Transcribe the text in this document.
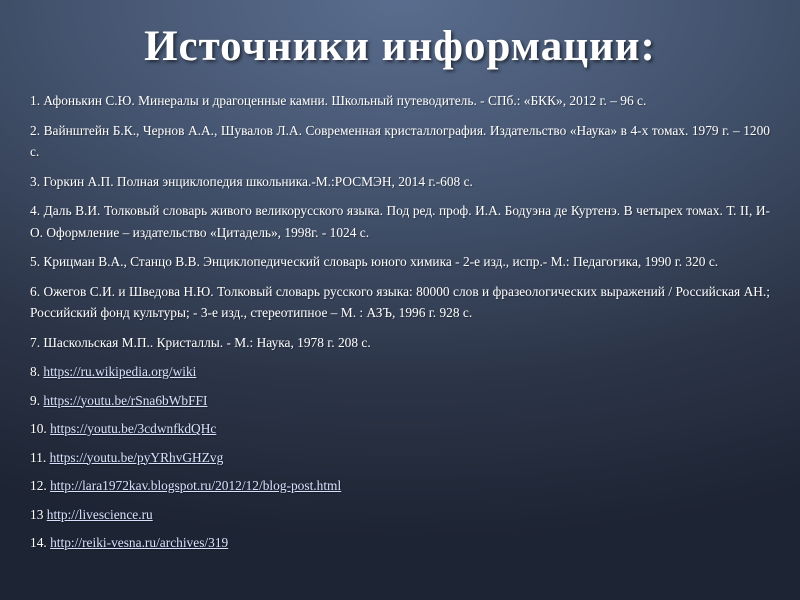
Источники информации:
1. Афонькин С.Ю. Минералы и драгоценные камни. Школьный путеводитель. - СПб.: «БКК», 2012 г. – 96 с.
2. Вайнштейн Б.К., Чернов А.А., Шувалов Л.А. Современная кристаллография. Издательство «Наука» в 4-х томах. 1979 г. – 1200 с.
3. Горкин А.П. Полная энциклопедия школьника.-М.:РОСМЭН, 2014 г.-608 с.
4. Даль В.И. Толковый словарь живого великорусского языка. Под ред. проф. И.А. Бодуэна де Куртенэ. В четырех томах. Т. II, И-О. Оформление – издательство «Цитадель», 1998г. - 1024 с.
5. Крицман В.А., Станцо В.В. Энциклопедический словарь юного химика - 2-е изд., испр.- М.: Педагогика, 1990 г. 320 с.
6. Ожегов С.И. и Шведова Н.Ю. Толковый словарь русского языка: 80000 слов и фразеологических выражений / Российская АН.; Российский фонд культуры; - 3-е изд., стереотипное – М. : АЗЪ, 1996 г. 928 с.
7. Шаскольская М.П.. Кристаллы. - М.: Наука, 1978 г. 208 с.
8. https://ru.wikipedia.org/wiki
9. https://youtu.be/rSna6bWbFFI
10. https://youtu.be/3cdwnfkdQHc
11. https://youtu.be/pyYRhvGHZvg
12. http://lara1972kav.blogspot.ru/2012/12/blog-post.html
13 http://livescience.ru
14. http://reiki-vesna.ru/archives/319
